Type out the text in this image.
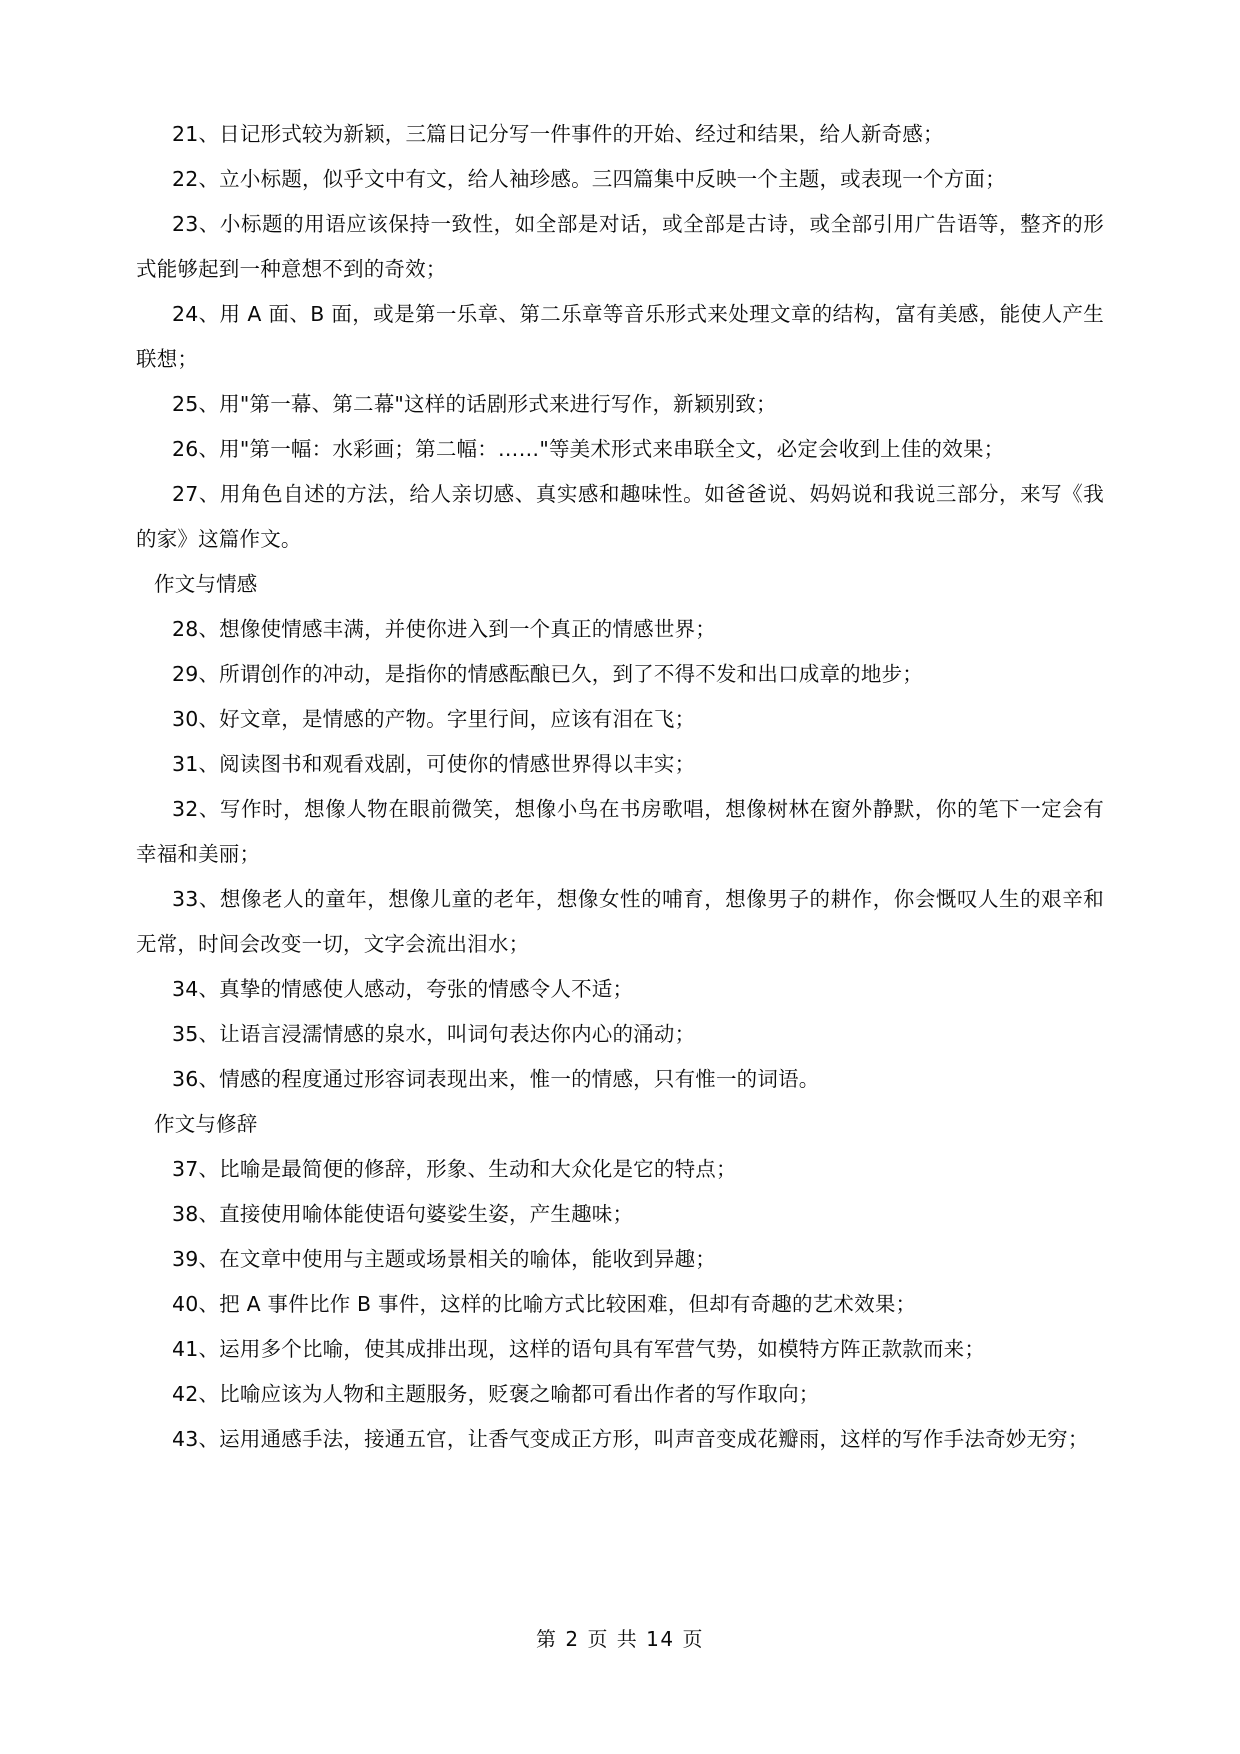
21、日记形式较为新颖，三篇日记分写一件事件的开始、经过和结果，给人新奇感；

22、立小标题，似乎文中有文，给人袖珍感。三四篇集中反映一个主题，或表现一个方面；

23、小标题的用语应该保持一致性，如全部是对话，或全部是古诗，或全部引用广告语等，整齐的形式能够起到一种意想不到的奇效；

24、用 A 面、B 面，或是第一乐章、第二乐章等音乐形式来处理文章的结构，富有美感，能使人产生联想；

25、用"第一幕、第二幕"这样的话剧形式来进行写作，新颖别致；

26、用"第一幅：水彩画；第二幅：……"等美术形式来串联全文，必定会收到上佳的效果；

27、用角色自述的方法，给人亲切感、真实感和趣味性。如爸爸说、妈妈说和我说三部分，来写《我的家》这篇作文。

作文与情感

28、想像使情感丰满，并使你进入到一个真正的情感世界；

29、所谓创作的冲动，是指你的情感酝酿已久，到了不得不发和出口成章的地步；

30、好文章，是情感的产物。字里行间，应该有泪在飞；

31、阅读图书和观看戏剧，可使你的情感世界得以丰实；

32、写作时，想像人物在眼前微笑，想像小鸟在书房歌唱，想像树林在窗外静默，你的笔下一定会有幸福和美丽；

33、想像老人的童年，想像儿童的老年，想像女性的哺育，想像男子的耕作，你会慨叹人生的艰辛和无常，时间会改变一切，文字会流出泪水；

34、真挚的情感使人感动，夸张的情感令人不适；

35、让语言浸濡情感的泉水，叫词句表达你内心的涌动；

36、情感的程度通过形容词表现出来，惟一的情感，只有惟一的词语。

作文与修辞

37、比喻是最简便的修辞，形象、生动和大众化是它的特点；

38、直接使用喻体能使语句婆娑生姿，产生趣味；

39、在文章中使用与主题或场景相关的喻体，能收到异趣；

40、把 A 事件比作 B 事件，这样的比喻方式比较困难，但却有奇趣的艺术效果；

41、运用多个比喻，使其成排出现，这样的语句具有军营气势，如模特方阵正款款而来；

42、比喻应该为人物和主题服务，贬褒之喻都可看出作者的写作取向；

43、运用通感手法，接通五官，让香气变成正方形，叫声音变成花瓣雨，这样的写作手法奇妙无穷；

第 2 页 共 14 页
